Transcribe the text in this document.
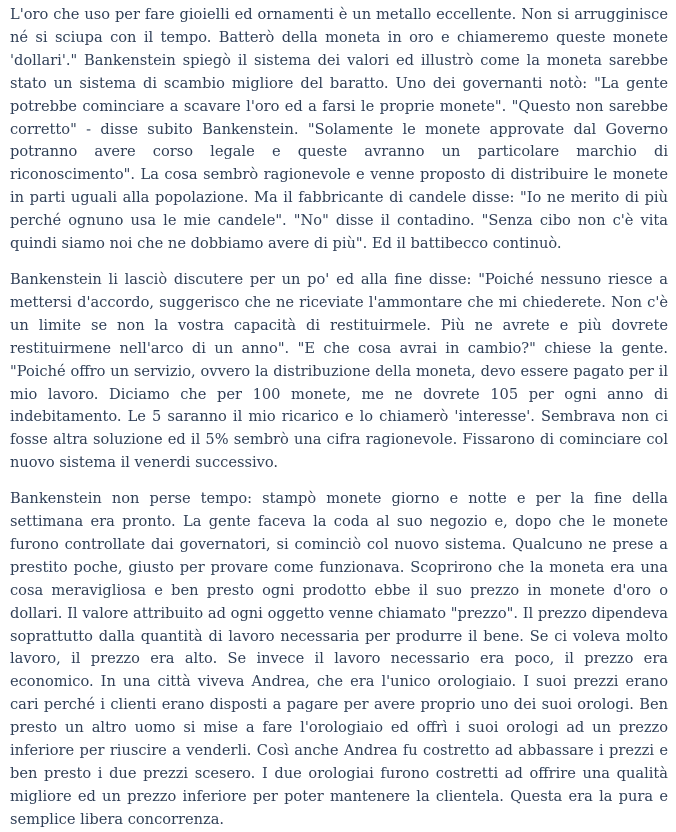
L'oro che uso per fare gioielli ed ornamenti è un metallo eccellente. Non si arrugginisce né si sciupa con il tempo. Batterò della moneta in oro e chiameremo queste monete 'dollari'." Bankenstein spiegò il sistema dei valori ed illustrò come la moneta sarebbe stato un sistema di scambio migliore del baratto. Uno dei governanti notò: "La gente potrebbe cominciare a scavare l'oro ed a farsi le proprie monete". "Questo non sarebbe corretto" - disse subito Bankenstein. "Solamente le monete approvate dal Governo potranno avere corso legale e queste avranno un particolare marchio di riconoscimento". La cosa sembrò ragionevole e venne proposto di distribuire le monete in parti uguali alla popolazione. Ma il fabbricante di candele disse: "Io ne merito di più perché ognuno usa le mie candele". "No" disse il contadino. "Senza cibo non c'è vita quindi siamo noi che ne dobbiamo avere di più". Ed il battibecco continuò.

Bankenstein li lasciò discutere per un po' ed alla fine disse: "Poiché nessuno riesce a mettersi d'accordo, suggerisco che ne riceviate l'ammontare che mi chiederete. Non c'è un limite se non la vostra capacità di restituirmele. Più ne avrete e più dovrete restituirmene nell'arco di un anno". "E che cosa avrai in cambio?" chiese la gente. "Poiché offro un servizio, ovvero la distribuzione della moneta, devo essere pagato per il mio lavoro. Diciamo che per 100 monete, me ne dovrete 105 per ogni anno di indebitamento. Le 5 saranno il mio ricarico e lo chiamerò 'interesse'. Sembrava non ci fosse altra soluzione ed il 5% sembrò una cifra ragionevole. Fissarono di cominciare col nuovo sistema il venerdi successivo.

Bankenstein non perse tempo: stampò monete giorno e notte e per la fine della settimana era pronto. La gente faceva la coda al suo negozio e, dopo che le monete furono controllate dai governatori, si cominciò col nuovo sistema. Qualcuno ne prese a prestito poche, giusto per provare come funzionava. Scoprirono che la moneta era una cosa meravigliosa e ben presto ogni prodotto ebbe il suo prezzo in monete d'oro o dollari. Il valore attribuito ad ogni oggetto venne chiamato "prezzo". Il prezzo dipendeva soprattutto dalla quantità di lavoro necessaria per produrre il bene. Se ci voleva molto lavoro, il prezzo era alto. Se invece il lavoro necessario era poco, il prezzo era economico. In una città viveva Andrea, che era l'unico orologiaio. I suoi prezzi erano cari perché i clienti erano disposti a pagare per avere proprio uno dei suoi orologi. Ben presto un altro uomo si mise a fare l'orologiaio ed offrì i suoi orologi ad un prezzo inferiore per riuscire a venderli. Così anche Andrea fu costretto ad abbassare i prezzi e ben presto i due prezzi scesero. I due orologiai furono costretti ad offrire una qualità migliore ed un prezzo inferiore per poter mantenere la clientela. Questa era la pura e semplice libera concorrenza.
